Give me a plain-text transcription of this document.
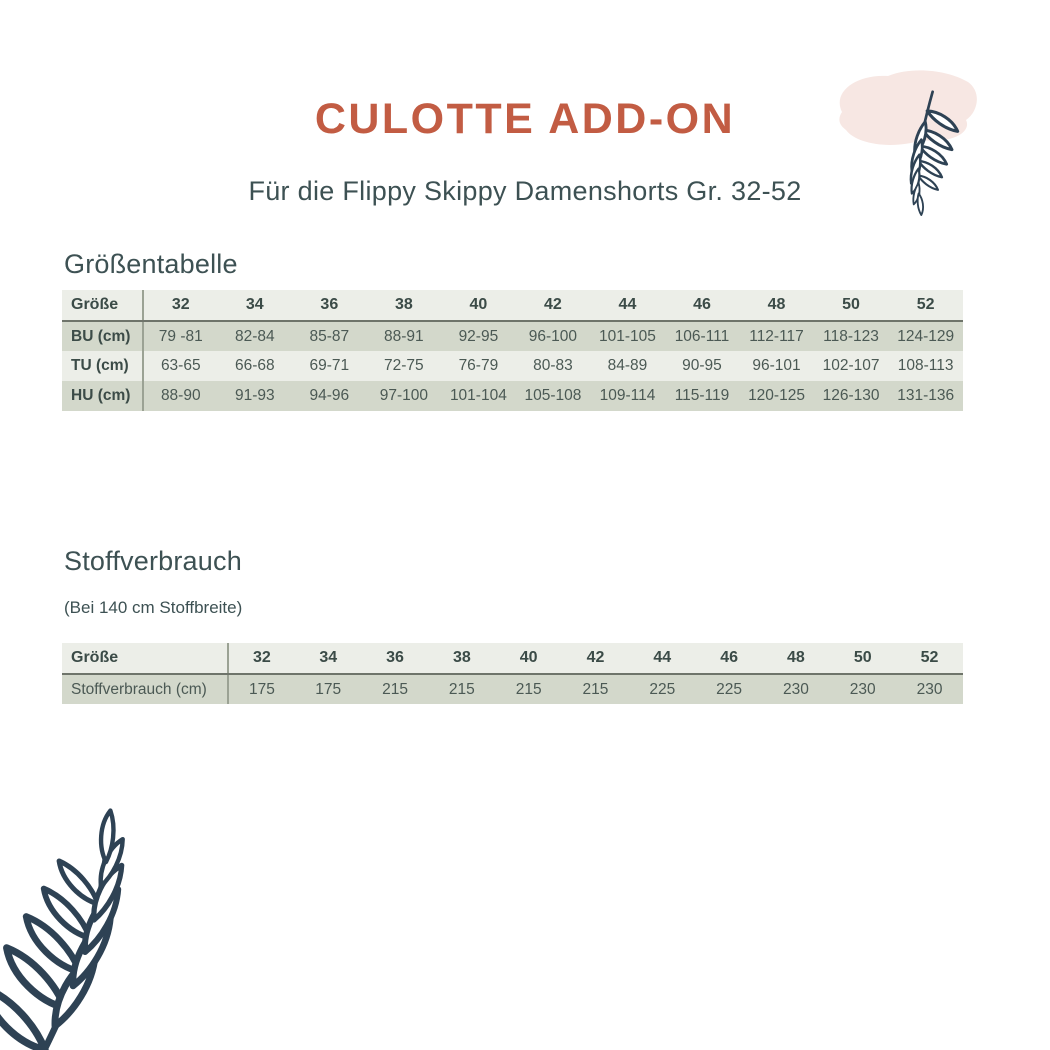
CULOTTE ADD-ON
Für die Flippy Skippy Damenshorts Gr. 32-52
Größentabelle
Größe	32	34	36	38	40	42	44	46	48	50	52
BU (cm)	79 -81	82-84	85-87	88-91	92-95	96-100	101-105	106-111	112-117	118-123	124-129
TU (cm)	63-65	66-68	69-71	72-75	76-79	80-83	84-89	90-95	96-101	102-107	108-113
HU (cm)	88-90	91-93	94-96	97-100	101-104	105-108	109-114	115-119	120-125	126-130	131-136
Stoffverbrauch
(Bei 140 cm Stoffbreite)
Größe	32	34	36	38	40	42	44	46	48	50	52
Stoffverbrauch (cm)	175	175	215	215	215	215	225	225	230	230	230
